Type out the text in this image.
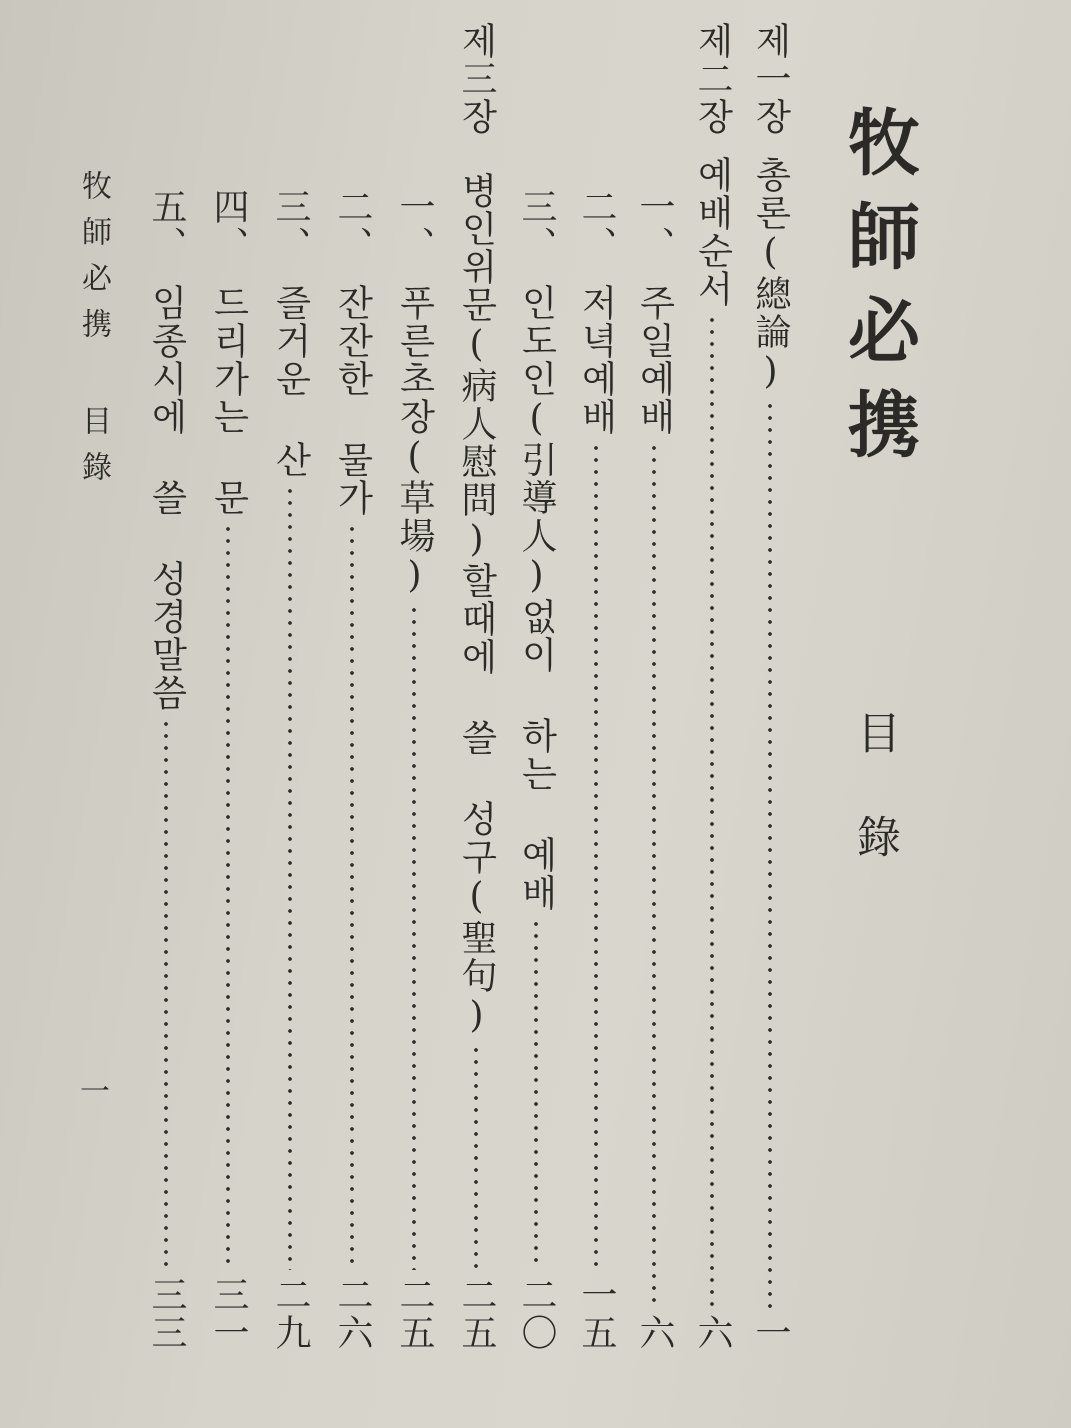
牧師必携
目錄
제一장
총론(總論)
一
제二장
예배순서
六
一、
주일예배
六
二、
저녁예배
一五
三、
인도인(引導人)없이 하는 예배
二〇
제三장
병인위문(病人慰問)할때에 쓸 성구(聖句)
二五
一、
푸른초장(草場)
二五
二、
잔잔한 물가
二六
三、
즐거운 산
二九
四、
드리가는 문
三一
五、
임종시에 쓸 성경말씀
三三
牧師必携 目錄
一
